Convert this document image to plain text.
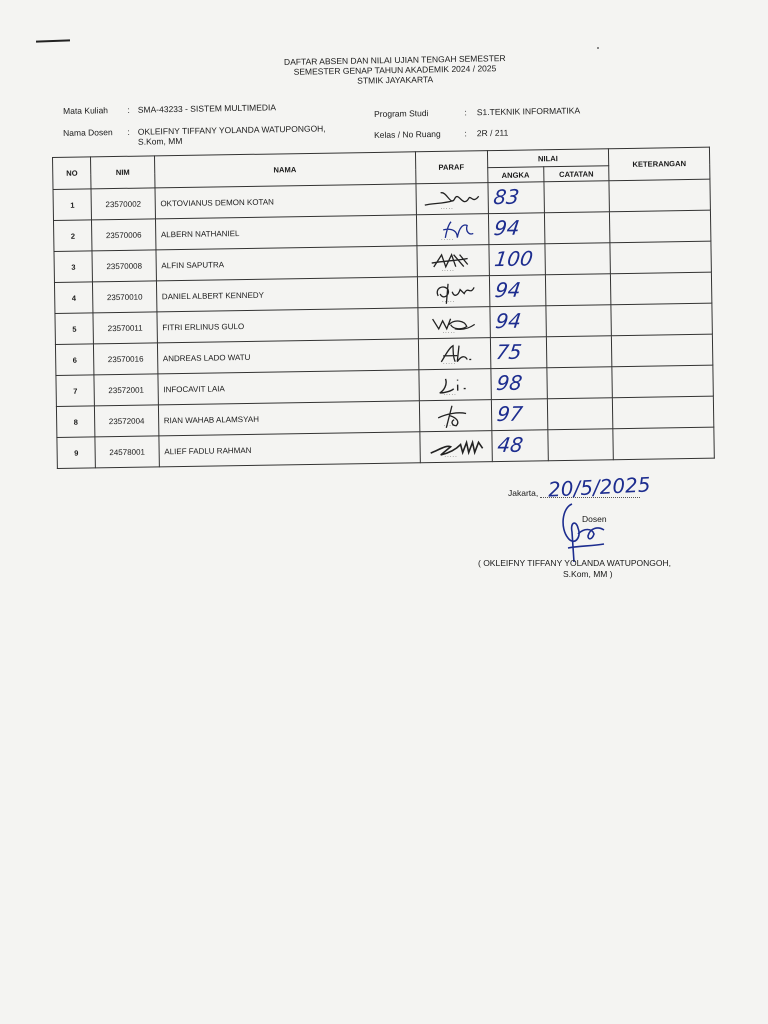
DAFTAR ABSEN DAN NILAI UJIAN TENGAH SEMESTER
SEMESTER GENAP TAHUN AKADEMIK 2024 / 2025
STMIK JAYAKARTA
Mata Kuliah : SMA-43233 - SISTEM MULTIMEDIA
Nama Dosen : OKLEIFNY TIFFANY YOLANDA WATUPONGOH,
S.Kom, MM
Program Studi	: S1.TEKNIK INFORMATIKA
Kelas / No Ruang	: 2R / 211
NO	NIM	NAMA	PARAF	NILAI		KETERANGAN
				ANGKA	CATATAN	
1	23570002	OKTOVIANUS DEMON KOTAN	.....	83		

2	23570006	ALBERN NATHANIEL	.....	94		

3	23570008	ALFIN SAPUTRA	.....	100		

4	23570010	DANIEL ALBERT KENNEDY	.....	94		

5	23570011	FITRI ERLINUS GULO	.....	94		

6	23570016	ANDREAS LADO WATU	.....	75		

7	23572001	INFOCAVIT LAIA	.....	98		

8	23572004	RIAN WAHAB ALAMSYAH	.....	97		

9	24578001	ALIEF FADLU RAHMAN	.....	48		

Jakarta, 20/5/2025
Dosen
( OKLEIFNY TIFFANY YOLANDA WATUPONGOH,
S.Kom, MM )
